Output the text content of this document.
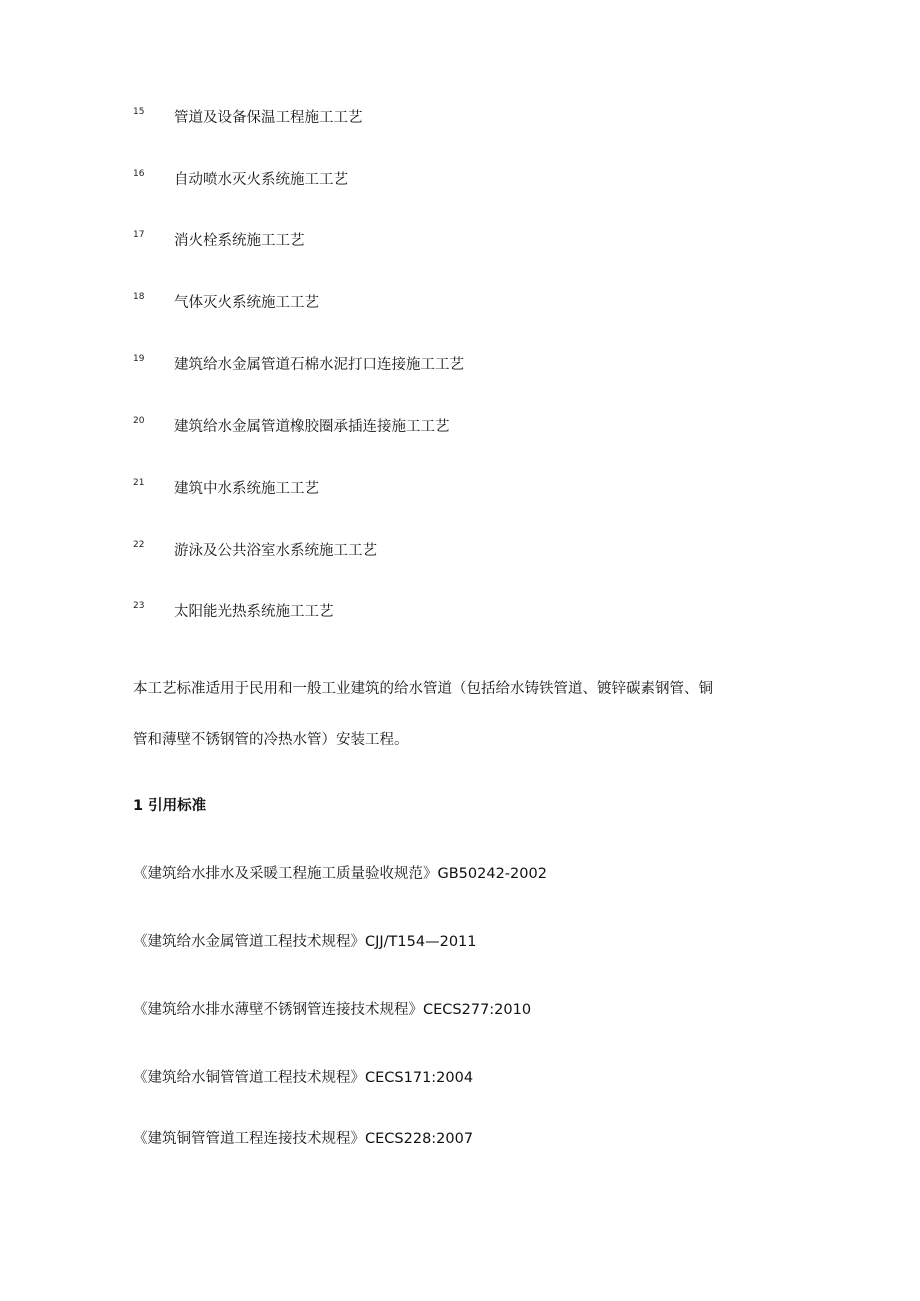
15 管道及设备保温工程施工工艺
16 自动喷水灭火系统施工工艺
17 消火栓系统施工工艺
18 气体灭火系统施工工艺
19 建筑给水金属管道石棉水泥打口连接施工工艺
20 建筑给水金属管道橡胶圈承插连接施工工艺
21 建筑中水系统施工工艺
22 游泳及公共浴室水系统施工工艺
23 太阳能光热系统施工工艺
本工艺标准适用于民用和一般工业建筑的给水管道（包括给水铸铁管道、镀锌碳素钢管、铜
管和薄壁不锈钢管的冷热水管）安装工程。
1 引用标准
《建筑给水排水及采暖工程施工质量验收规范》GB50242-2002
《建筑给水金属管道工程技术规程》CJJ/T154—2011
《建筑给水排水薄壁不锈钢管连接技术规程》CECS277:2010
《建筑给水铜管管道工程技术规程》CECS171:2004
《建筑铜管管道工程连接技术规程》CECS228:2007
